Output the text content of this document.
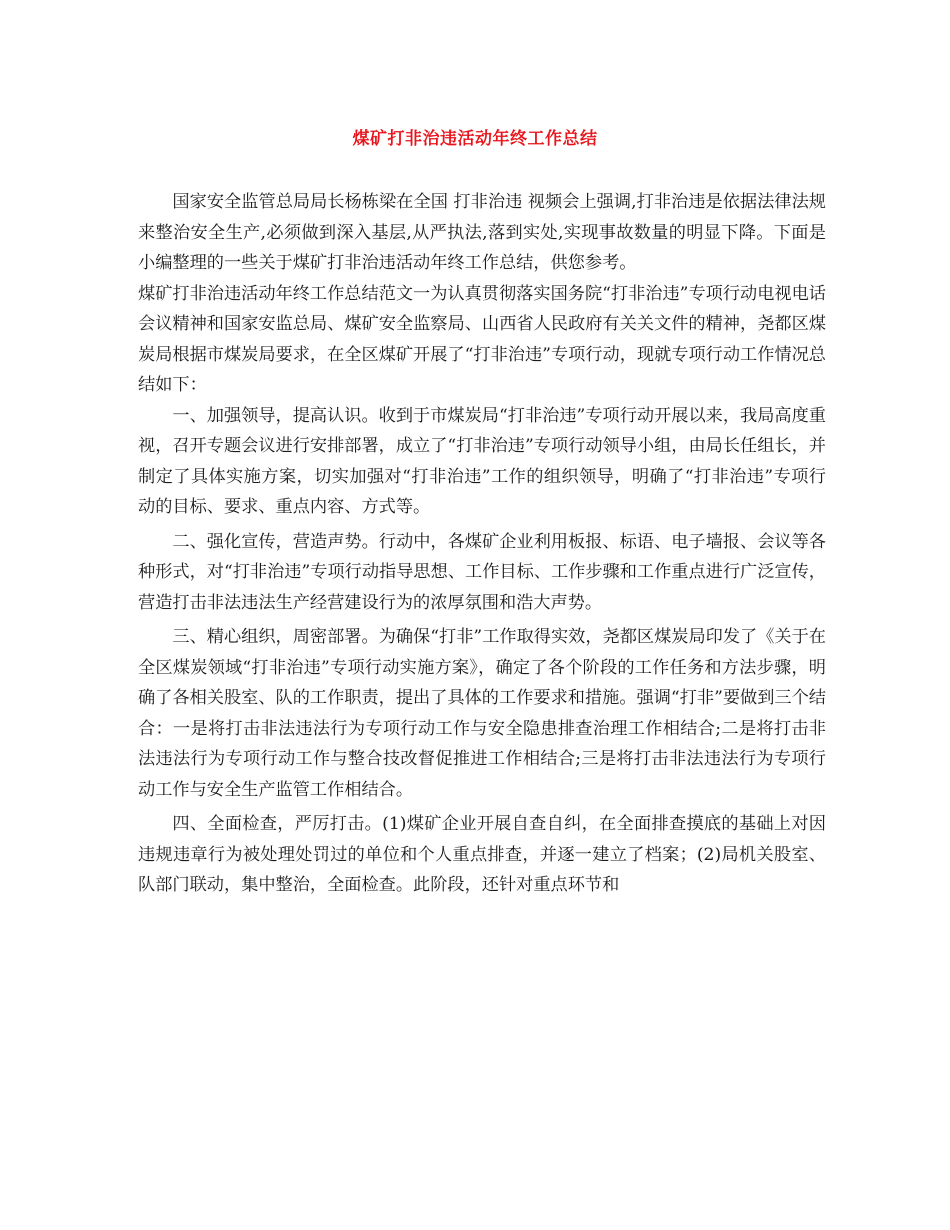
煤矿打非治违活动年终工作总结

国家安全监管总局局长杨栋梁在全国 打非治违 视频会上强调,打非治违是依据法律法规来整治安全生产,必须做到深入基层,从严执法,落到实处,实现事故数量的明显下降。下面是小编整理的一些关于煤矿打非治违活动年终工作总结，供您参考。

煤矿打非治违活动年终工作总结范文一为认真贯彻落实国务院“打非治违”专项行动电视电话会议精神和国家安监总局、煤矿安全监察局、山西省人民政府有关关文件的精神，尧都区煤炭局根据市煤炭局要求，在全区煤矿开展了“打非治违”专项行动，现就专项行动工作情况总结如下：

一、加强领导，提高认识。收到于市煤炭局“打非治违”专项行动开展以来，我局高度重视，召开专题会议进行安排部署，成立了“打非治违”专项行动领导小组，由局长任组长，并制定了具体实施方案，切实加强对“打非治违”工作的组织领导，明确了“打非治违”专项行动的目标、要求、重点内容、方式等。

二、强化宣传，营造声势。行动中，各煤矿企业利用板报、标语、电子墙报、会议等各种形式，对“打非治违”专项行动指导思想、工作目标、工作步骤和工作重点进行广泛宣传，营造打击非法违法生产经营建设行为的浓厚氛围和浩大声势。

三、精心组织，周密部署。为确保“打非”工作取得实效，尧都区煤炭局印发了《关于在全区煤炭领域“打非治违”专项行动实施方案》，确定了各个阶段的工作任务和方法步骤，明确了各相关股室、队的工作职责，提出了具体的工作要求和措施。强调“打非”要做到三个结合：一是将打击非法违法行为专项行动工作与安全隐患排查治理工作相结合;二是将打击非法违法行为专项行动工作与整合技改督促推进工作相结合;三是将打击非法违法行为专项行动工作与安全生产监管工作相结合。

四、全面检查，严厉打击。(1)煤矿企业开展自查自纠，在全面排查摸底的基础上对因违规违章行为被处理处罚过的单位和个人重点排查，并逐一建立了档案；(2)局机关股室、队部门联动，集中整治，全面检查。此阶段，还针对重点环节和
